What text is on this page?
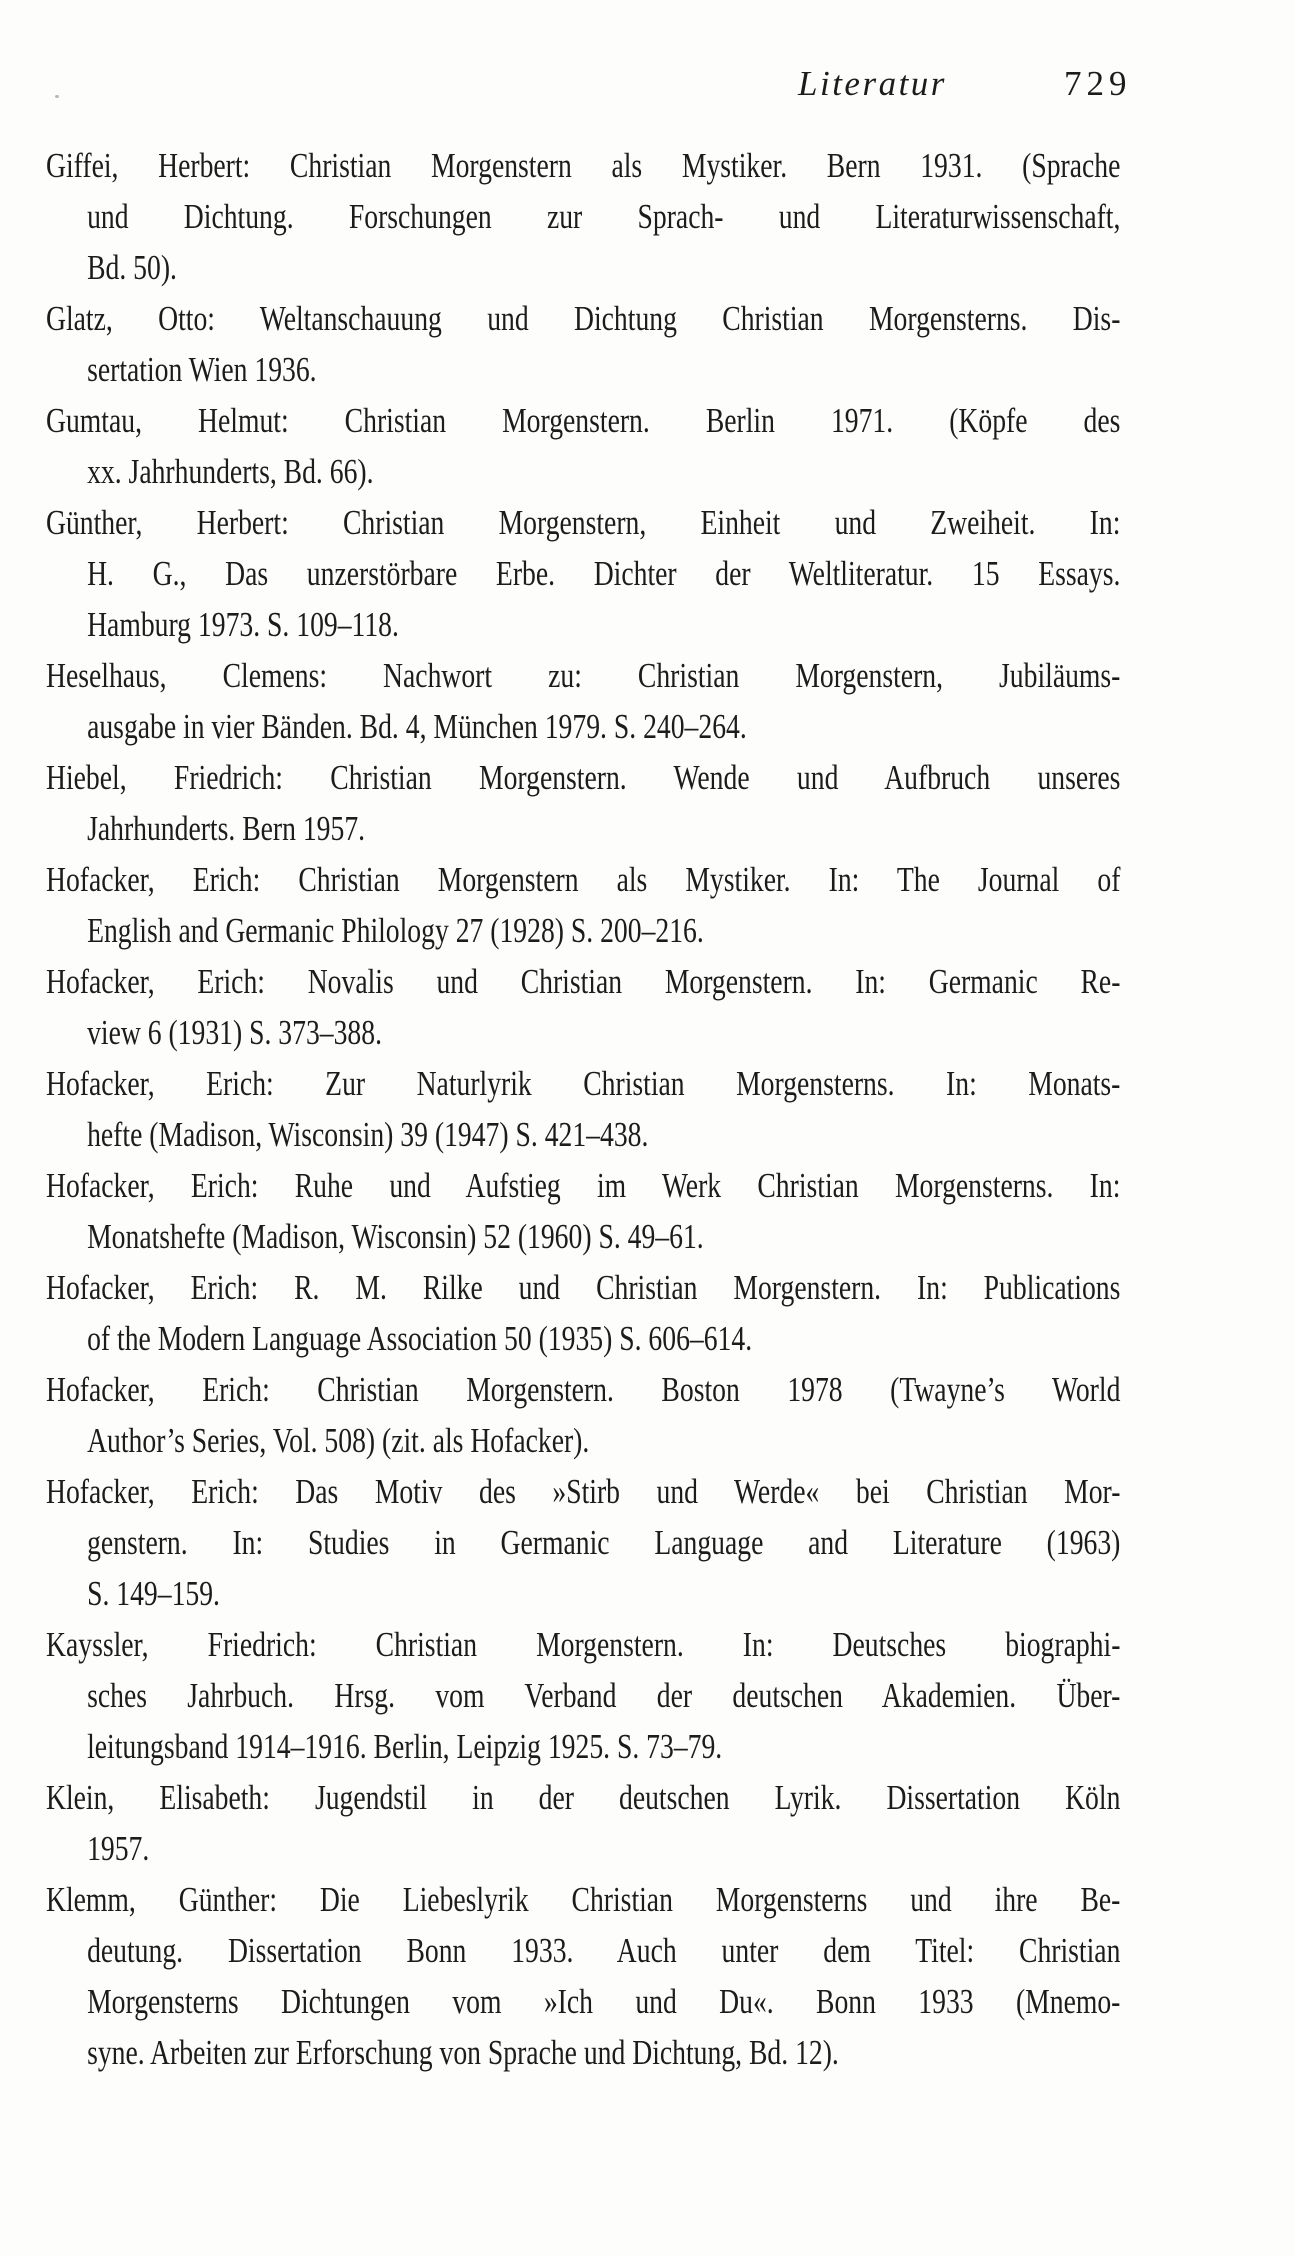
Literatur	729
Giffei, Herbert: Christian Morgenstern als Mystiker. Bern 1931. (Sprache
und Dichtung. Forschungen zur Sprach- und Literaturwissenschaft,
Bd. 50).
Glatz, Otto: Weltanschauung und Dichtung Christian Morgensterns. Dis-
sertation Wien 1936.
Gumtau, Helmut: Christian Morgenstern. Berlin 1971. (Köpfe des
xx. Jahrhunderts, Bd. 66).
Günther, Herbert: Christian Morgenstern, Einheit und Zweiheit. In:
H. G., Das unzerstörbare Erbe. Dichter der Weltliteratur. 15 Essays.
Hamburg 1973. S. 109–118.
Heselhaus, Clemens: Nachwort zu: Christian Morgenstern, Jubiläums-
ausgabe in vier Bänden. Bd. 4, München 1979. S. 240–264.
Hiebel, Friedrich: Christian Morgenstern. Wende und Aufbruch unseres
Jahrhunderts. Bern 1957.
Hofacker, Erich: Christian Morgenstern als Mystiker. In: The Journal of
English and Germanic Philology 27 (1928) S. 200–216.
Hofacker, Erich: Novalis und Christian Morgenstern. In: Germanic Re-
view 6 (1931) S. 373–388.
Hofacker, Erich: Zur Naturlyrik Christian Morgensterns. In: Monats-
hefte (Madison, Wisconsin) 39 (1947) S. 421–438.
Hofacker, Erich: Ruhe und Aufstieg im Werk Christian Morgensterns. In:
Monatshefte (Madison, Wisconsin) 52 (1960) S. 49–61.
Hofacker, Erich: R. M. Rilke und Christian Morgenstern. In: Publications
of the Modern Language Association 50 (1935) S. 606–614.
Hofacker, Erich: Christian Morgenstern. Boston 1978 (Twayne’s World
Author’s Series, Vol. 508) (zit. als Hofacker).
Hofacker, Erich: Das Motiv des »Stirb und Werde« bei Christian Mor-
genstern. In: Studies in Germanic Language and Literature (1963)
S. 149–159.
Kayssler, Friedrich: Christian Morgenstern. In: Deutsches biographi-
sches Jahrbuch. Hrsg. vom Verband der deutschen Akademien. Über-
leitungsband 1914–1916. Berlin, Leipzig 1925. S. 73–79.
Klein, Elisabeth: Jugendstil in der deutschen Lyrik. Dissertation Köln
1957.
Klemm, Günther: Die Liebeslyrik Christian Morgensterns und ihre Be-
deutung. Dissertation Bonn 1933. Auch unter dem Titel: Christian
Morgensterns Dichtungen vom »Ich und Du«. Bonn 1933 (Mnemo-
syne. Arbeiten zur Erforschung von Sprache und Dichtung, Bd. 12).
